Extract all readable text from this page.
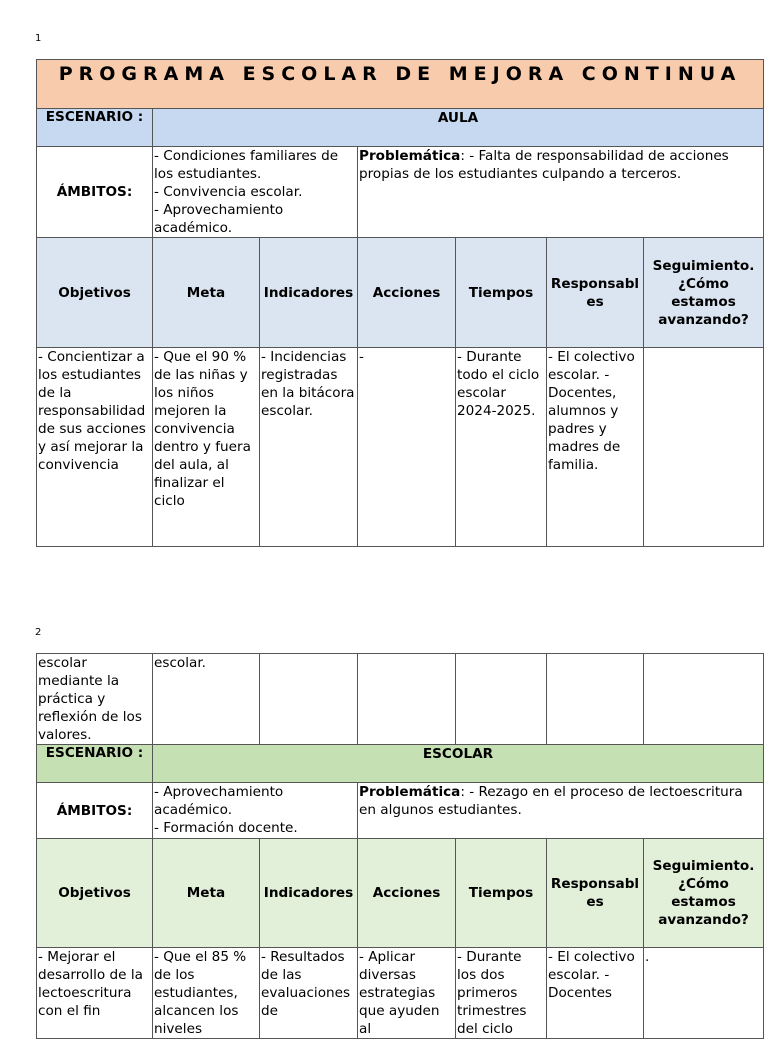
1
PROGRAMA ESCOLAR DE MEJORA CONTINUA						
ESCENARIO :	AULA					
ÁMBITOS:	- Condiciones familiares de los estudiantes.
- Convivencia escolar.
- Aprovechamiento académico.		Problemática: - Falta de responsabilidad de acciones propias de los estudiantes culpando a terceros.			
Objetivos	Meta	Indicadores	Acciones	Tiempos	Responsables	Seguimiento. ¿Cómo estamos avanzando?
- Concientizar a los estudiantes de la responsabilidad de sus acciones y así mejorar la convivencia	- Que el 90 % de las niñas y los niños mejoren la convivencia dentro y fuera del aula, al finalizar el ciclo	- Incidencias registradas en la bitácora escolar.	-	- Durante todo el ciclo escolar 2024-2025.	- El colectivo escolar. - Docentes, alumnos y padres y madres de familia.	
2
escolar mediante la práctica y reflexión de los valores.	escolar.					
ESCENARIO :	ESCOLAR					
ÁMBITOS:	- Aprovechamiento académico.
- Formación docente.		Problemática: - Rezago en el proceso de lectoescritura en algunos estudiantes.			
Objetivos	Meta	Indicadores	Acciones	Tiempos	Responsables	Seguimiento. ¿Cómo estamos avanzando?
- Mejorar el desarrollo de la lectoescritura con el fin	- Que el 85 % de los estudiantes, alcancen los niveles	- Resultados de las evaluaciones de	- Aplicar diversas estrategias que ayuden al	- Durante los dos primeros trimestres del ciclo	- El colectivo escolar. - Docentes	.
